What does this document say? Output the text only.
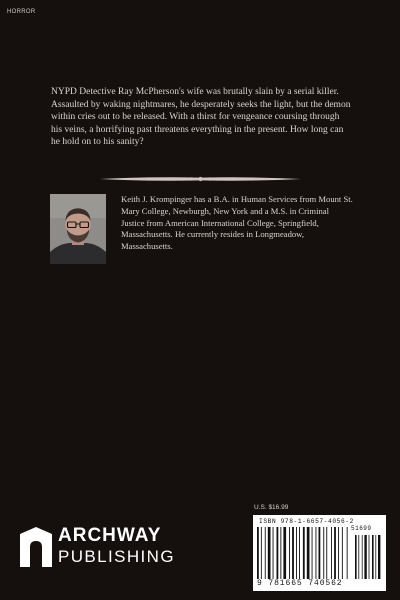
HORROR
NYPD Detective Ray McPherson's wife was brutally slain by a serial killer. Assaulted by waking nightmares, he desperately seeks the light, but the demon within cries out to be released. With a thirst for vengeance coursing through his veins, a horrifying past threatens everything in the present. How long can he hold on to his sanity?
Keith J. Krompinger has a B.A. in Human Services from Mount St. Mary College, Newburgh, New York and a M.S. in Criminal Justice from American International College, Springfield, Massachusetts. He currently resides in Longmeadow, Massachusetts.
ARCHWAY
PUBLISHING
U.S. $16.99
ISBN 978-1-6657-4056-2
51699
9 781665 740562
